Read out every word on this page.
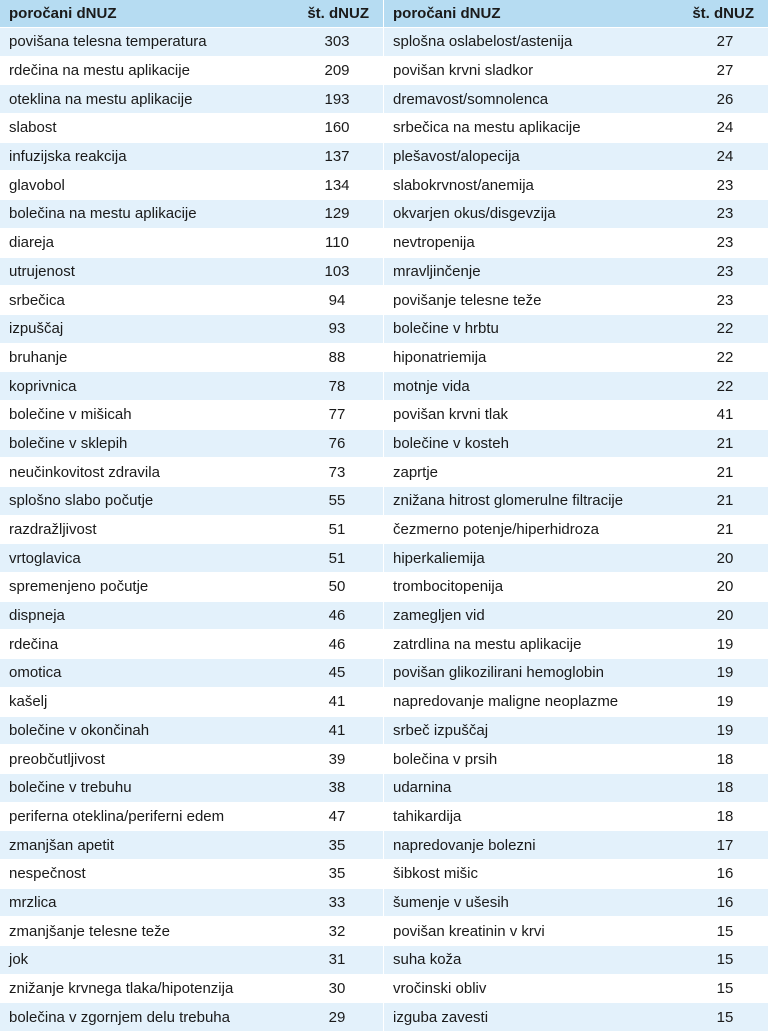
poročani dNUZ	št. dNUZ
povišana telesna temperatura	303
rdečina na mestu aplikacije	209
oteklina na mestu aplikacije	193
slabost	160
infuzijska reakcija	137
glavobol	134
bolečina na mestu aplikacije	129
diareja	110
utrujenost	103
srbečica	94
izpuščaj	93
bruhanje	88
koprivnica	78
bolečine v mišicah	77
bolečine v sklepih	76
neučinkovitost zdravila	73
splošno slabo počutje	55
razdražljivost	51
vrtoglavica	51
spremenjeno počutje	50
dispneja	46
rdečina	46
omotica	45
kašelj	41
bolečine v okončinah	41
preobčutljivost	39
bolečine v trebuhu	38
periferna oteklina/periferni edem	47
zmanjšan apetit	35
nespečnost	35
mrzlica	33
zmanjšanje telesne teže	32
jok	31
znižanje krvnega tlaka/hipotenzija	30
bolečina v zgornjem delu trebuha	29
poročani dNUZ	št. dNUZ
splošna oslabelost/astenija	27
povišan krvni sladkor	27
dremavost/somnolenca	26
srbečica na mestu aplikacije	24
plešavost/alopecija	24
slabokrvnost/anemija	23
okvarjen okus/disgevzija	23
nevtropenija	23
mravljinčenje	23
povišanje telesne teže	23
bolečine v hrbtu	22
hiponatriemija	22
motnje vida	22
povišan krvni tlak	41
bolečine v kosteh	21
zaprtje	21
znižana hitrost glomerulne filtracije	21
čezmerno potenje/hiperhidroza	21
hiperkaliemija	20
trombocitopenija	20
zamegljen vid	20
zatrdlina na mestu aplikacije	19
povišan glikozilirani hemoglobin	19
napredovanje maligne neoplazme	19
srbeč izpuščaj	19
bolečina v prsih	18
udarnina	18
tahikardija	18
napredovanje bolezni	17
šibkost mišic	16
šumenje v ušesih	16
povišan kreatinin v krvi	15
suha koža	15
vročinski obliv	15
izguba zavesti	15
